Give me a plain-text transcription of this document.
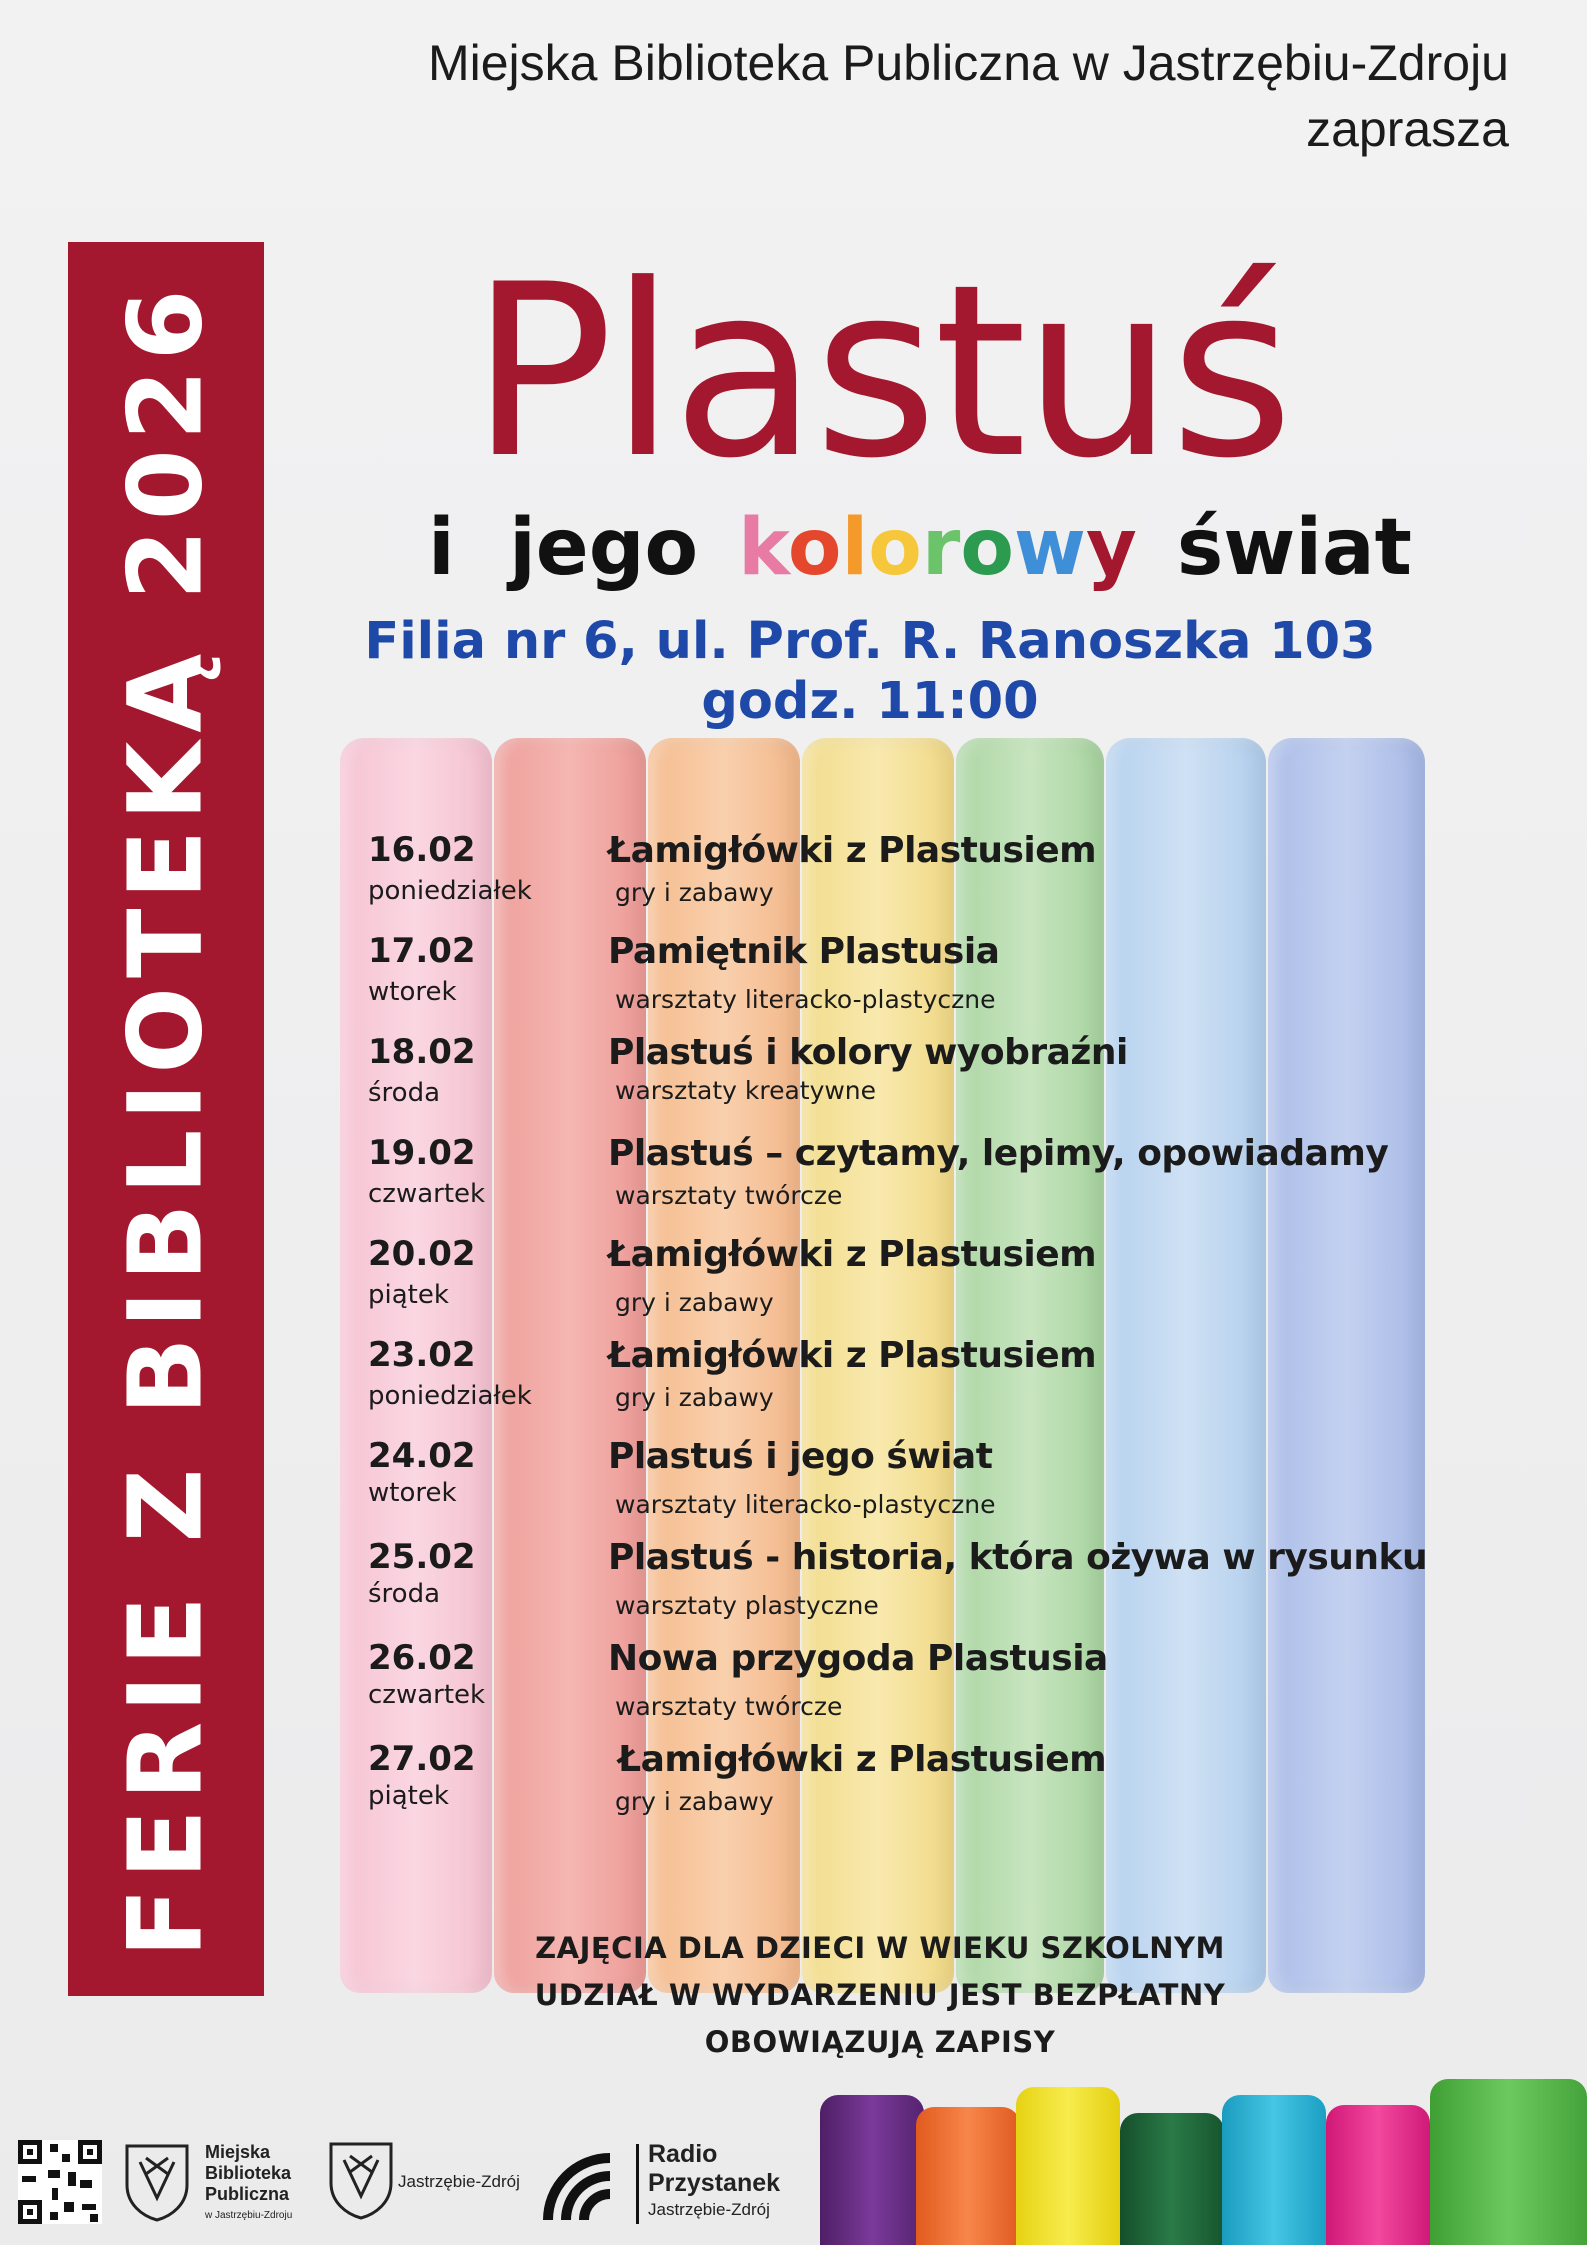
Miejska Biblioteka Publiczna w Jastrzębiu-Zdroju
zaprasza
FERIE Z BIBLIOTEKĄ 2026 Plastuś
i  jego kolorowy świat
Filia nr 6, ul. Prof. R. Ranoszka 103
godz. 11:00
16.02
poniedziałek
Łamigłówki z Plastusiem
gry i zabawy
17.02
wtorek
Pamiętnik Plastusia
warsztaty literacko-plastyczne
18.02
środa
Plastuś i kolory wyobraźni
warsztaty kreatywne
19.02
czwartek
Plastuś – czytamy, lepimy, opowiadamy
warsztaty twórcze
20.02
piątek
Łamigłówki z Plastusiem
gry i zabawy
23.02
poniedziałek
Łamigłówki z Plastusiem
gry i zabawy
24.02
wtorek
Plastuś i jego świat
warsztaty literacko-plastyczne
25.02
środa
Plastuś - historia, która ożywa w rysunku
warsztaty plastyczne
26.02
czwartek
Nowa przygoda Plastusia
warsztaty twórcze
27.02
piątek
Łamigłówki z Plastusiem
gry i zabawy
ZAJĘCIA DLA DZIECI W WIEKU SZKOLNYM
UDZIAŁ W WYDARZENIU JEST BEZPŁATNY
OBOWIĄZUJĄ ZAPISY
Miejska
Biblioteka
Publiczna
w Jastrzębiu-Zdroju
Jastrzębie-Zdrój
Radio
Przystanek
Jastrzębie-Zdrój
